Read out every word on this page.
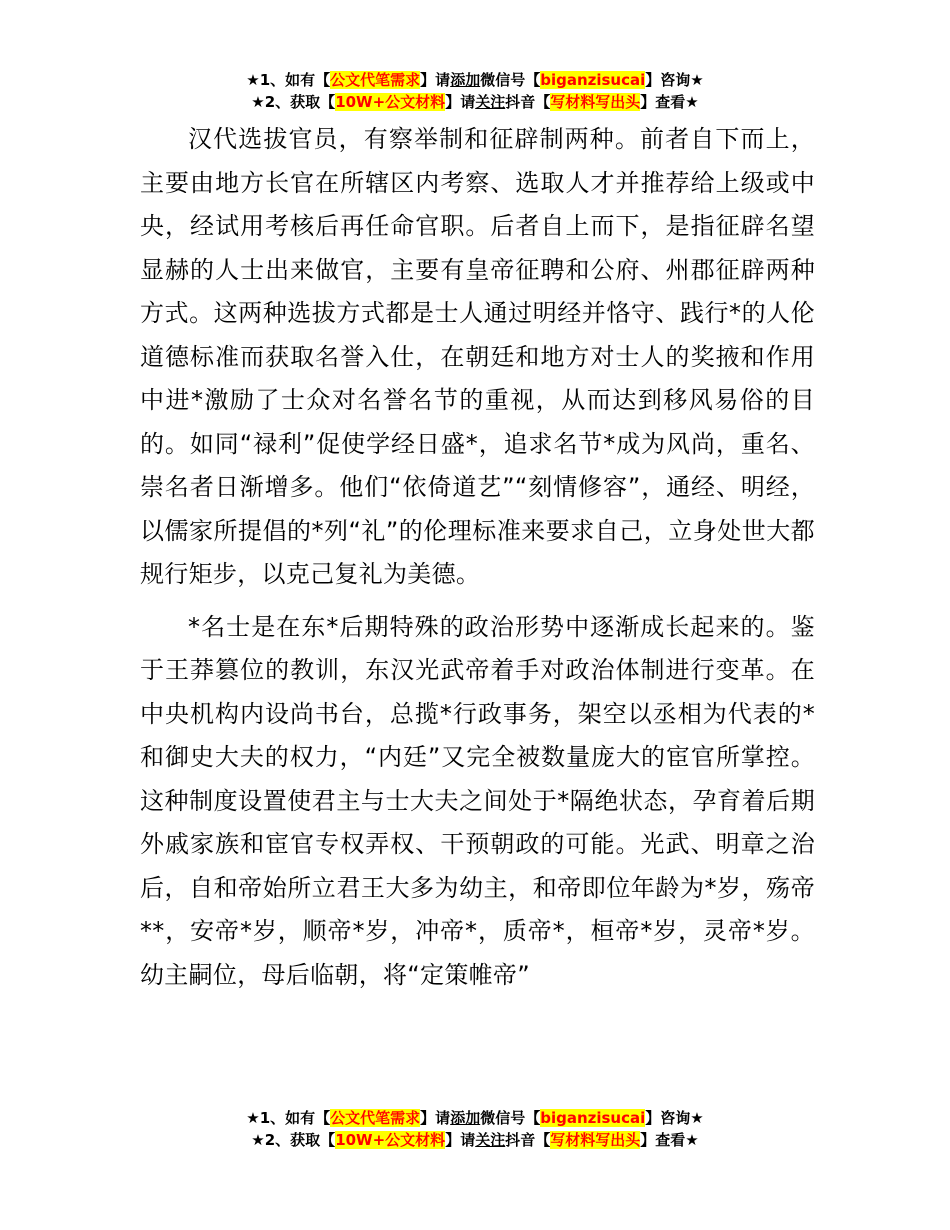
★1、如有【公文代笔需求】请添加微信号【biganzisucai】咨询★
★2、获取【10W+公文材料】请关注抖音【写材料写出头】查看★

汉代选拔官员，有察举制和征辟制两种。前者自下而上，主要由地方长官在所辖区内考察、选取人才并推荐给上级或中央，经试用考核后再任命官职。后者自上而下，是指征辟名望显赫的人士出来做官，主要有皇帝征聘和公府、州郡征辟两种方式。这两种选拔方式都是士人通过明经并恪守、践行*的人伦道德标准而获取名誉入仕，在朝廷和地方对士人的奖掖和作用中进*激励了士众对名誉名节的重视，从而达到移风易俗的目的。如同“禄利”促使学经日盛*，追求名节*成为风尚，重名、崇名者日渐增多。他们“依倚道艺”“刻情修容”，通经、明经，以儒家所提倡的*列“礼”的伦理标准来要求自己，立身处世大都规行矩步，以克己复礼为美德。

*名士是在东*后期特殊的政治形势中逐渐成长起来的。鉴于王莽篡位的教训，东汉光武帝着手对政治体制进行变革。在中央机构内设尚书台，总揽*行政事务，架空以丞相为代表的*和御史大夫的权力，“内廷”又完全被数量庞大的宦官所掌控。这种制度设置使君主与士大夫之间处于*隔绝状态，孕育着后期外戚家族和宦官专权弄权、干预朝政的可能。光武、明章之治后，自和帝始所立君王大多为幼主，和帝即位年龄为*岁，殇帝**，安帝*岁，顺帝*岁，冲帝*，质帝*，桓帝*岁，灵帝*岁。幼主嗣位，母后临朝，将“定策帷帝”

★1、如有【公文代笔需求】请添加微信号【biganzisucai】咨询★
★2、获取【10W+公文材料】请关注抖音【写材料写出头】查看★
